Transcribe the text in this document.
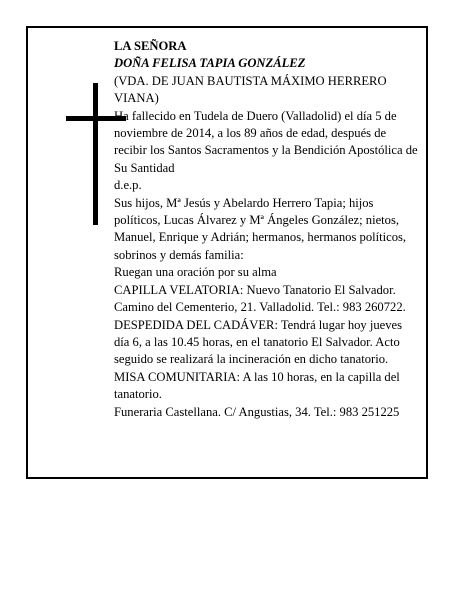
LA SEÑORA

DOÑA FELISA TAPIA GONZÁLEZ

(VDA. DE JUAN BAUTISTA MÁXIMO HERRERO VIANA)

Ha fallecido en Tudela de Duero (Valladolid) el día 5 de noviembre de 2014, a los 89 años de edad, después de recibir los Santos Sacramentos y la Bendición Apostólica de Su Santidad

d.e.p.

Sus hijos, Mª Jesús y Abelardo Herrero Tapia; hijos políticos, Lucas Álvarez y Mª Ángeles González; nietos, Manuel, Enrique y Adrián; hermanos, hermanos políticos, sobrinos y demás familia:

Ruegan una oración por su alma

CAPILLA VELATORIA: Nuevo Tanatorio El Salvador. Camino del Cementerio, 21. Valladolid. Tel.: 983 260722.

DESPEDIDA DEL CADÁVER: Tendrá lugar hoy jueves día 6, a las 10.45 horas, en el tanatorio El Salvador. Acto seguido se realizará la incineración en dicho tanatorio.

MISA COMUNITARIA: A las 10 horas, en la capilla del tanatorio.

Funeraria Castellana. C/ Angustias, 34. Tel.: 983 251225
